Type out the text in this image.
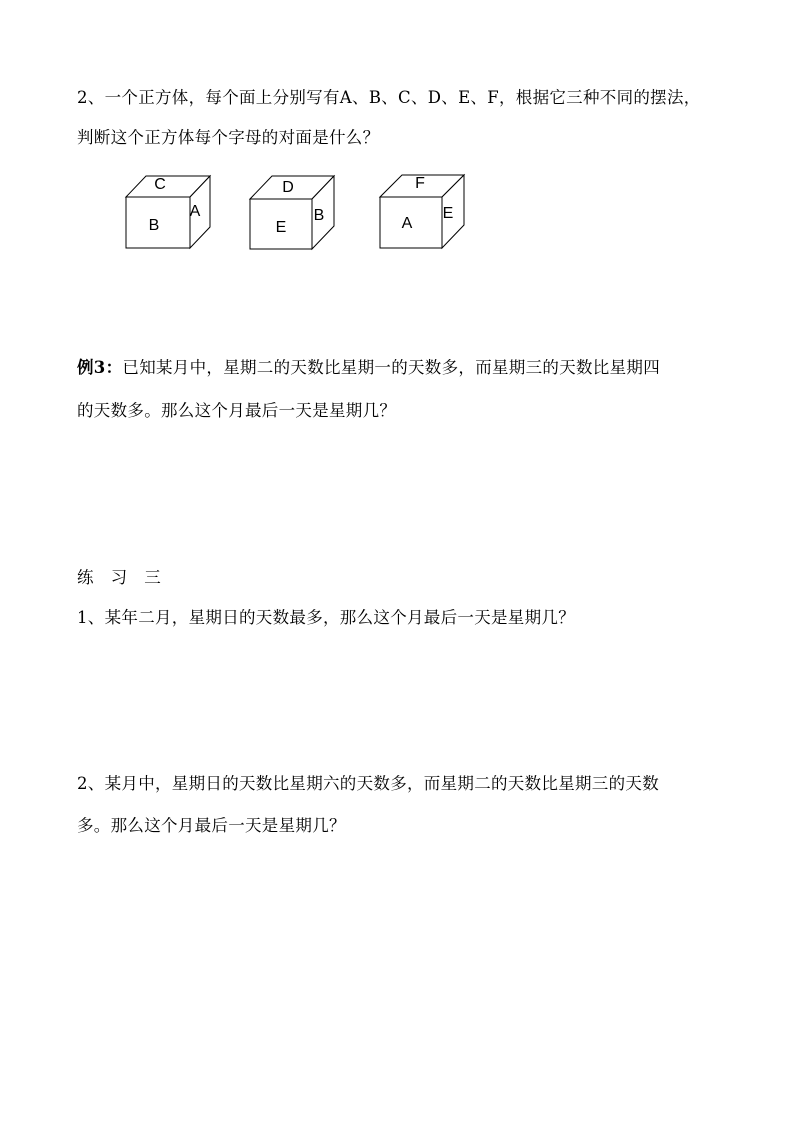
2、一个正方体，每个面上分别写有A、B、C、D、E、F，根据它三种不同的摆法，
判断这个正方体每个字母的对面是什么？
C
B
A
D
E
B
F
A
E
例3：已知某月中，星期二的天数比星期一的天数多，而星期三的天数比星期四
的天数多。那么这个月最后一天是星期几？
练　习　三
1、某年二月，星期日的天数最多，那么这个月最后一天是星期几？
2、某月中，星期日的天数比星期六的天数多，而星期二的天数比星期三的天数
多。那么这个月最后一天是星期几？
